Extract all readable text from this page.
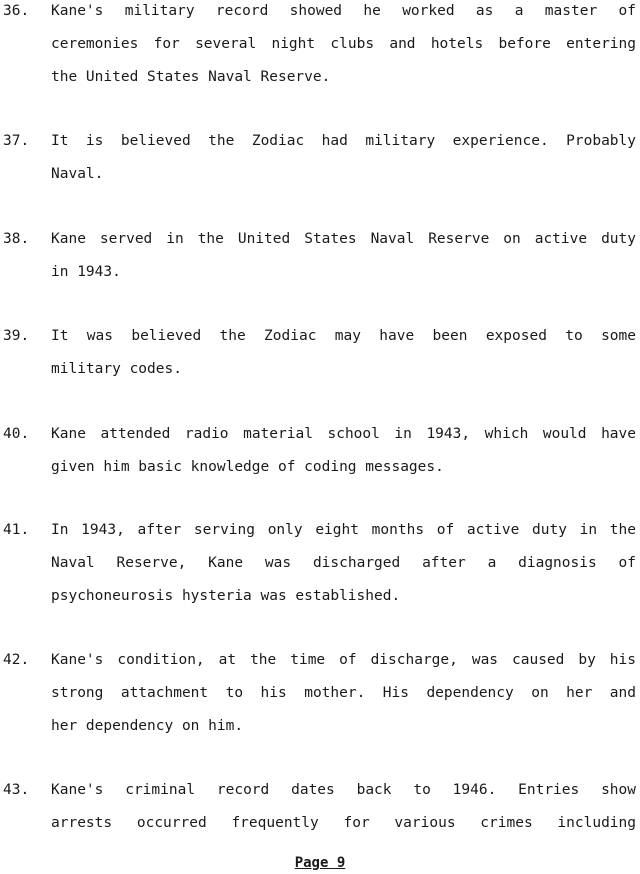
36. Kane's military record showed he worked as a master of
ceremonies for several night clubs and hotels before entering
the United States Naval Reserve.
37. It is believed the Zodiac had military experience. Probably
Naval.
38. Kane served in the United States Naval Reserve on active duty
in 1943.
39. It was believed the Zodiac may have been exposed to some
military codes.
40. Kane attended radio material school in 1943, which would have
given him basic knowledge of coding messages.
41. In 1943, after serving only eight months of active duty in the
Naval Reserve, Kane was discharged after a diagnosis of
psychoneurosis hysteria was established.
42. Kane's condition, at the time of discharge, was caused by his
strong attachment to his mother. His dependency on her and
her dependency on him.
43. Kane's criminal record dates back to 1946. Entries show
arrests occurred frequently for various crimes including
Page 9
